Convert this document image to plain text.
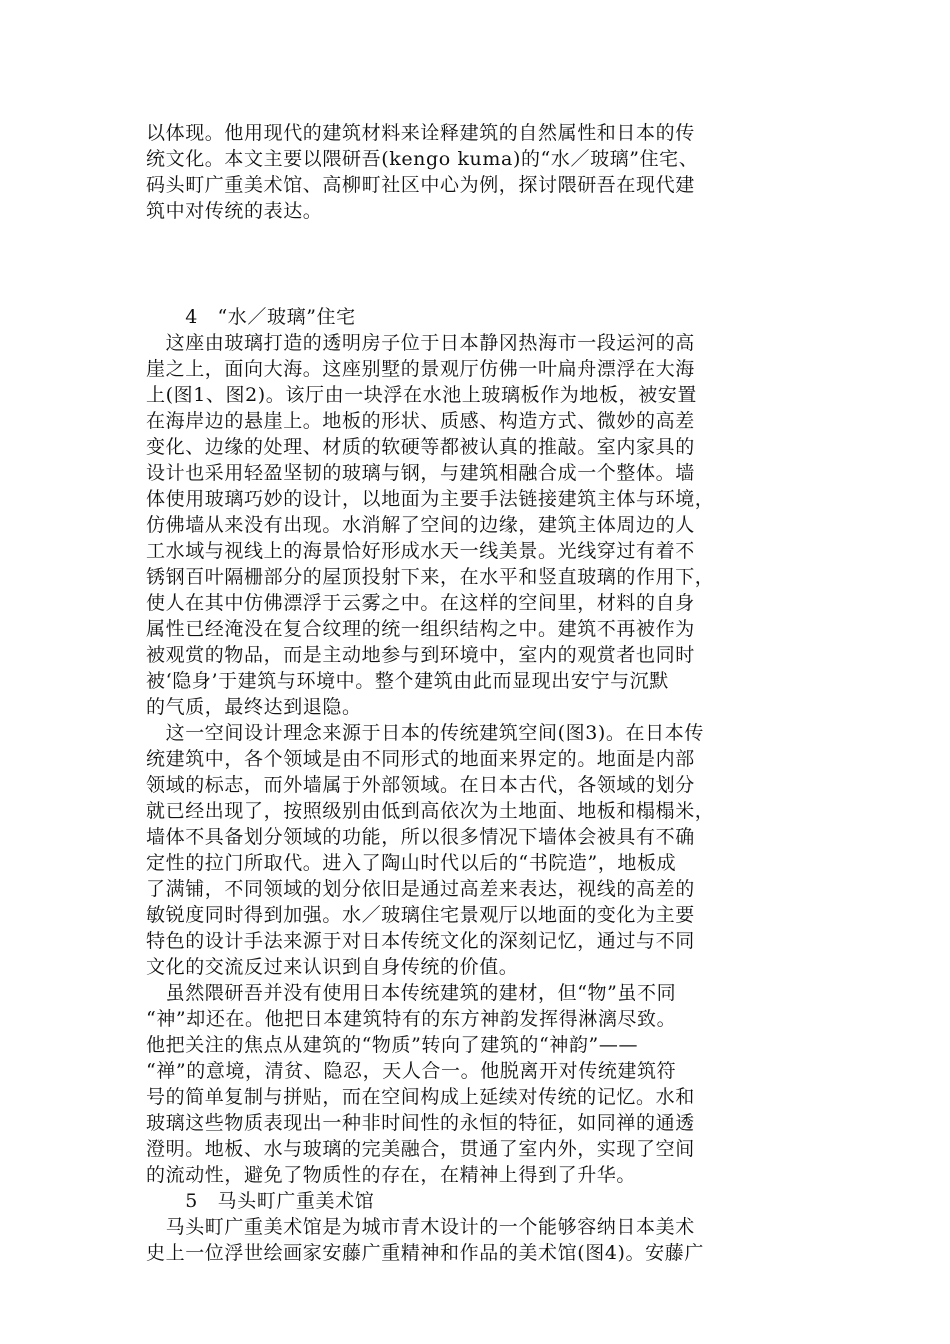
以体现。他用现代的建筑材料来诠释建筑的自然属性和日本的传
统文化。本文主要以隈研吾(kengo kuma)的“水／玻璃”住宅、
码头町广重美术馆、高柳町社区中心为例，探讨隈研吾在现代建
筑中对传统的表达。
　　4　“水／玻璃”住宅
　这座由玻璃打造的透明房子位于日本静冈热海市一段运河的高
崖之上，面向大海。这座别墅的景观厅仿佛一叶扁舟漂浮在大海
上(图1、图2)。该厅由一块浮在水池上玻璃板作为地板，被安置
在海岸边的悬崖上。地板的形状、质感、构造方式、微妙的高差
变化、边缘的处理、材质的软硬等都被认真的推敲。室内家具的
设计也采用轻盈坚韧的玻璃与钢，与建筑相融合成一个整体。墙
体使用玻璃巧妙的设计，以地面为主要手法链接建筑主体与环境，
仿佛墙从来没有出现。水消解了空间的边缘，建筑主体周边的人
工水域与视线上的海景恰好形成水天一线美景。光线穿过有着不
锈钢百叶隔栅部分的屋顶投射下来，在水平和竖直玻璃的作用下，
使人在其中仿佛漂浮于云雾之中。在这样的空间里，材料的自身
属性已经淹没在复合纹理的统一组织结构之中。建筑不再被作为
被观赏的物品，而是主动地参与到环境中，室内的观赏者也同时
被‘隐身’于建筑与环境中。整个建筑由此而显现出安宁与沉默
的气质，最终达到退隐。
　这一空间设计理念来源于日本的传统建筑空间(图3)。在日本传
统建筑中，各个领域是由不同形式的地面来界定的。地面是内部
领域的标志，而外墙属于外部领域。在日本古代，各领域的划分
就已经出现了，按照级别由低到高依次为土地面、地板和榻榻米，
墙体不具备划分领域的功能，所以很多情况下墙体会被具有不确
定性的拉门所取代。进入了陶山时代以后的“书院造”，地板成
了满铺，不同领域的划分依旧是通过高差来表达，视线的高差的
敏锐度同时得到加强。水／玻璃住宅景观厅以地面的变化为主要
特色的设计手法来源于对日本传统文化的深刻记忆，通过与不同
文化的交流反过来认识到自身传统的价值。
　虽然隈研吾并没有使用日本传统建筑的建材，但“物”虽不同
“神”却还在。他把日本建筑特有的东方神韵发挥得淋漓尽致。
他把关注的焦点从建筑的“物质”转向了建筑的“神韵”——
“禅”的意境，清贫、隐忍，天人合一。他脱离开对传统建筑符
号的简单复制与拼贴，而在空间构成上延续对传统的记忆。水和
玻璃这些物质表现出一种非时间性的永恒的特征，如同禅的通透
澄明。地板、水与玻璃的完美融合，贯通了室内外，实现了空间
的流动性，避免了物质性的存在，在精神上得到了升华。
　　5　马头町广重美术馆
　马头町广重美术馆是为城市青木设计的一个能够容纳日本美术
史上一位浮世绘画家安藤广重精神和作品的美术馆(图4)。安藤广
